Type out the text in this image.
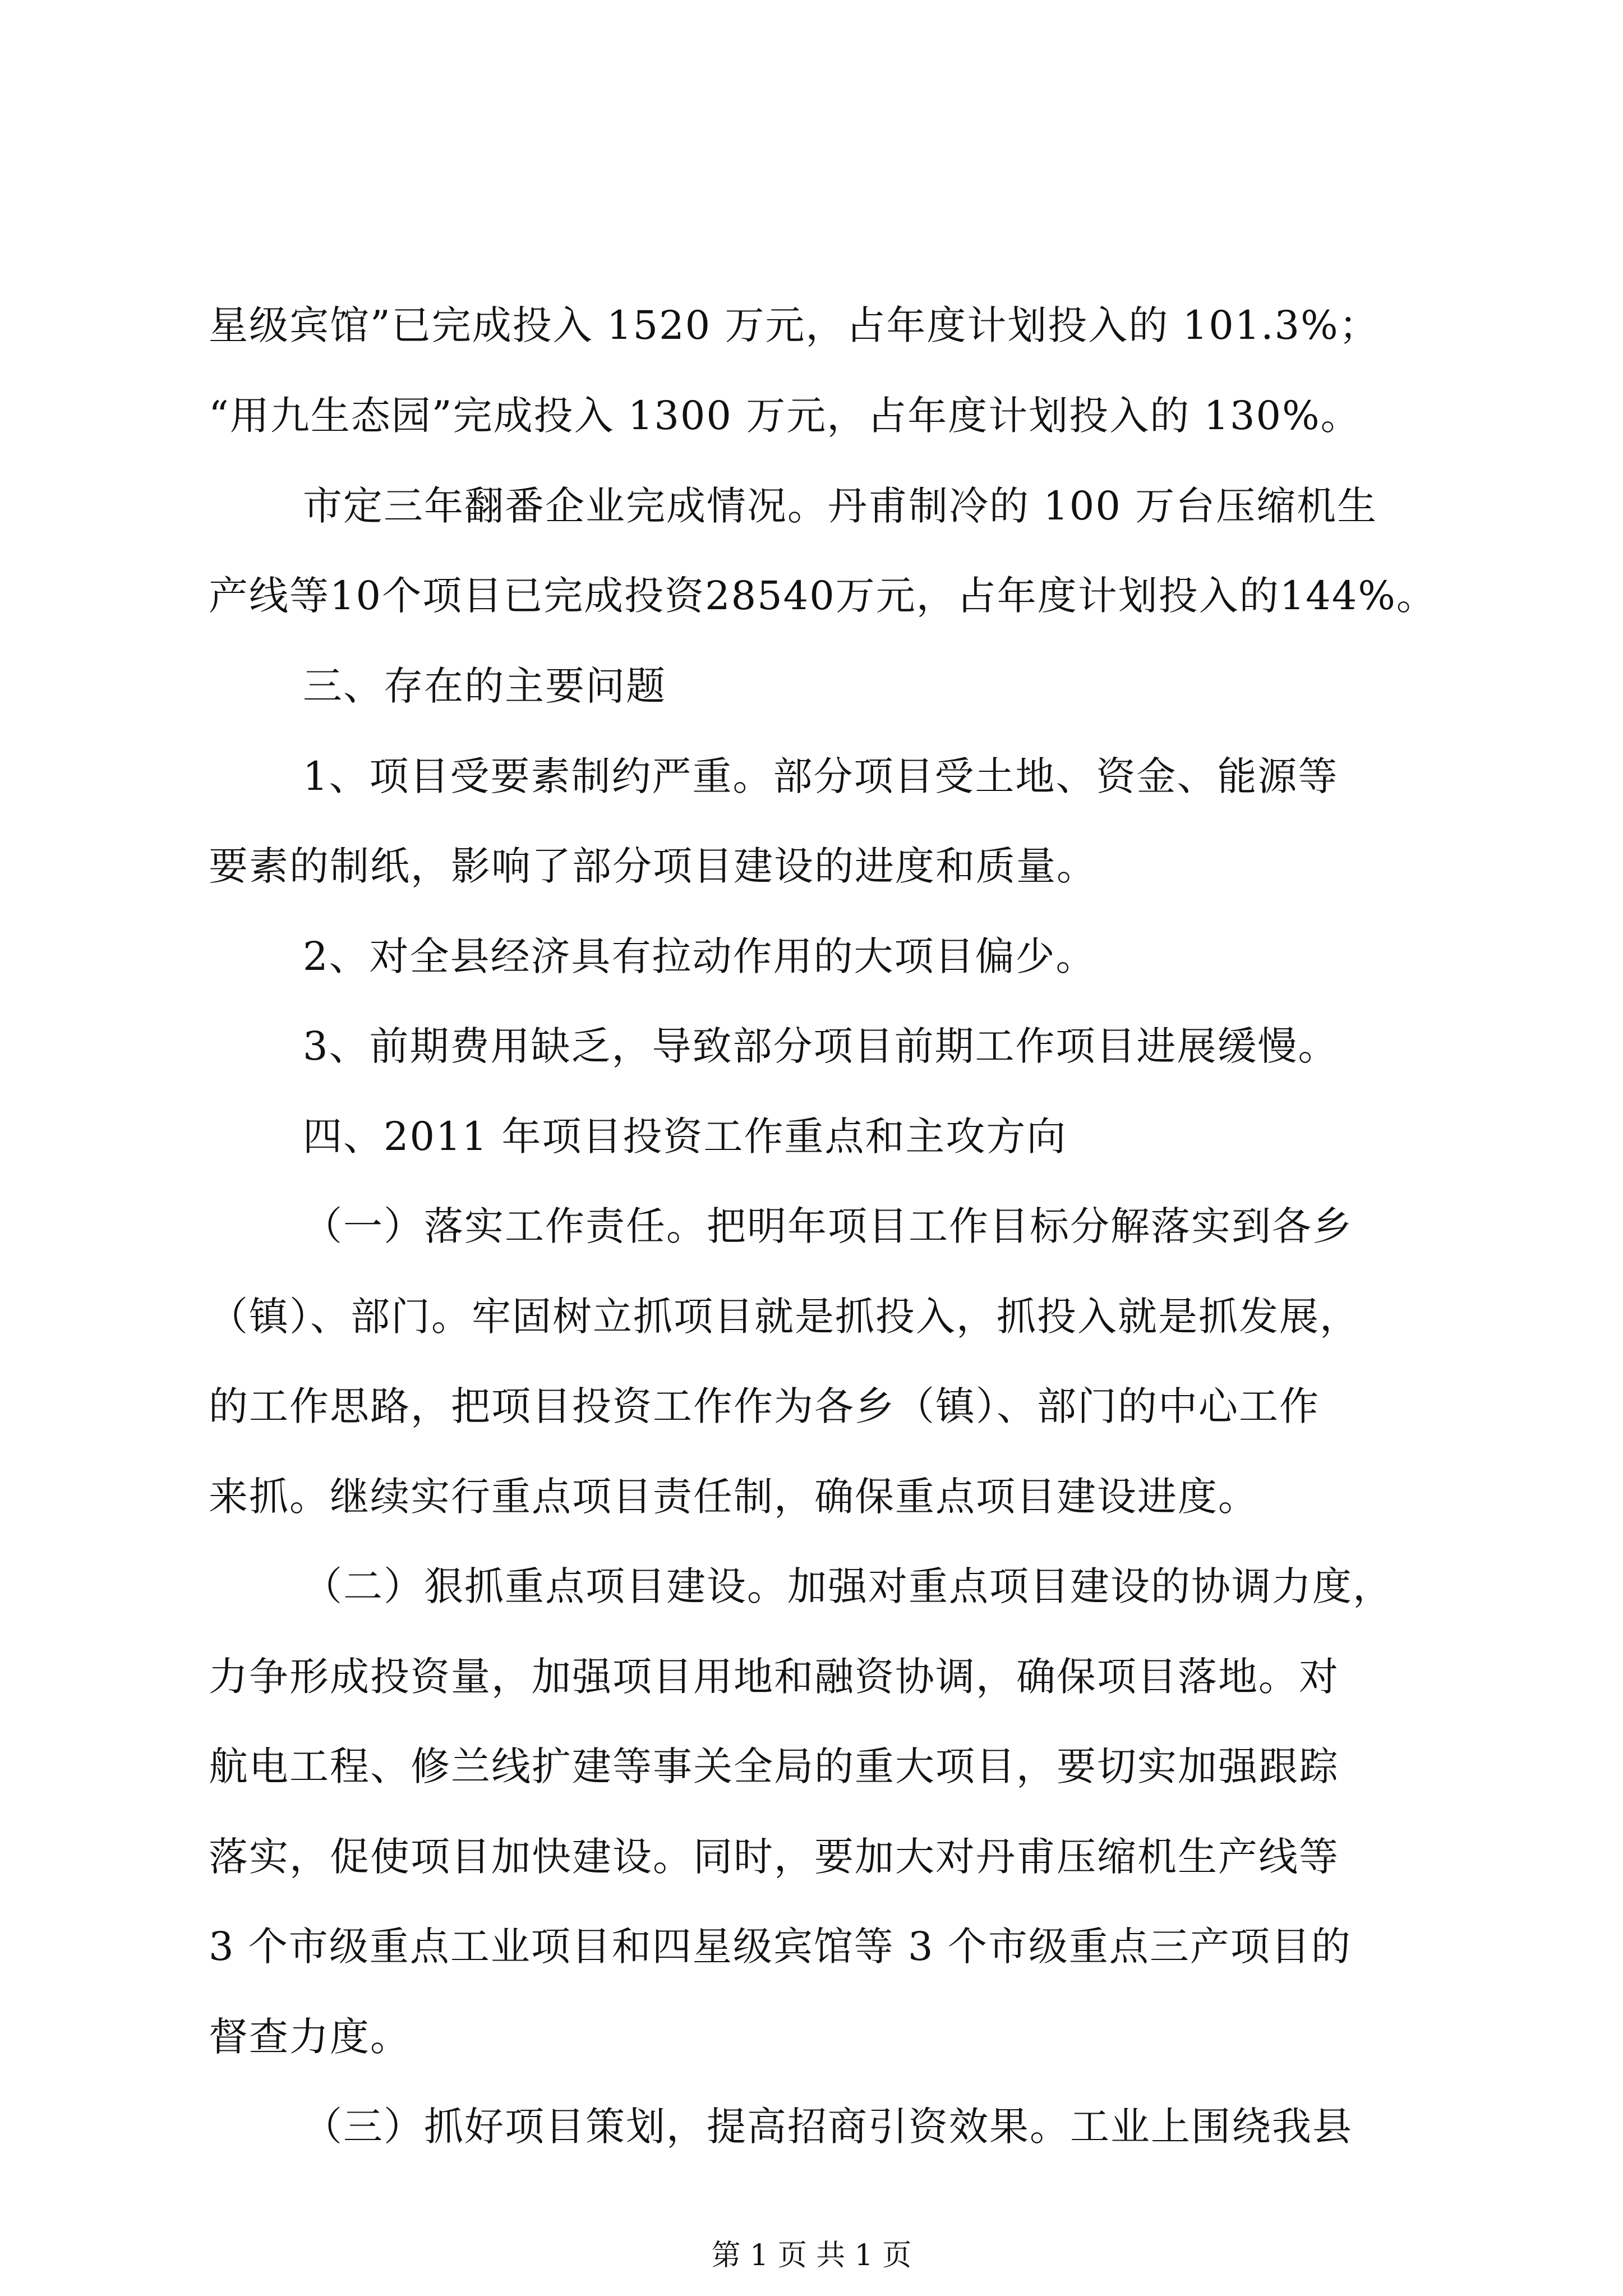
星级宾馆”已完成投入 1520 万元，占年度计划投入的 101.3%；

“用九生态园”完成投入 1300 万元，占年度计划投入的 130%。

市定三年翻番企业完成情况。丹甫制冷的 100 万台压缩机生

产线等10个项目已完成投资28540万元，占年度计划投入的144%。

三、存在的主要问题

1、项目受要素制约严重。部分项目受土地、资金、能源等

要素的制纸，影响了部分项目建设的进度和质量。

2、对全县经济具有拉动作用的大项目偏少。

3、前期费用缺乏，导致部分项目前期工作项目进展缓慢。

四、2011 年项目投资工作重点和主攻方向

（一）落实工作责任。把明年项目工作目标分解落实到各乡

（镇）、部门。牢固树立抓项目就是抓投入，抓投入就是抓发展，

的工作思路，把项目投资工作作为各乡（镇）、部门的中心工作

来抓。继续实行重点项目责任制，确保重点项目建设进度。

（二）狠抓重点项目建设。加强对重点项目建设的协调力度，

力争形成投资量，加强项目用地和融资协调，确保项目落地。对

航电工程、修兰线扩建等事关全局的重大项目，要切实加强跟踪

落实，促使项目加快建设。同时，要加大对丹甫压缩机生产线等

3 个市级重点工业项目和四星级宾馆等 3 个市级重点三产项目的

督查力度。

（三）抓好项目策划，提高招商引资效果。工业上围绕我县

第 1 页 共 1 页
